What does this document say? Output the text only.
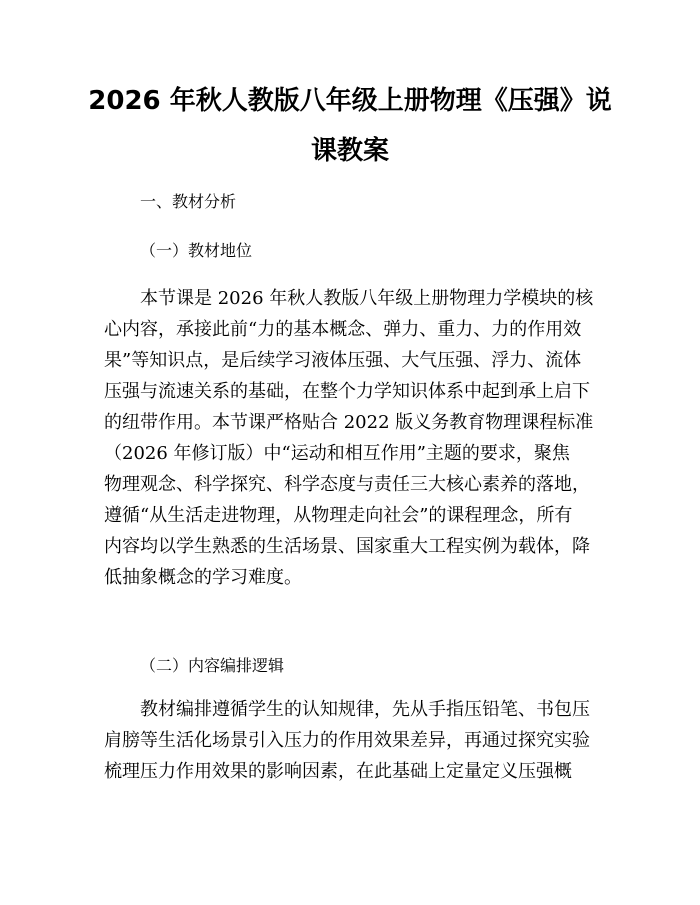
2026 年秋人教版八年级上册物理《压强》说
课教案
一、教材分析
（一）教材地位
本节课是 2026 年秋人教版八年级上册物理力学模块的核
心内容，承接此前“力的基本概念、弹力、重力、力的作用效
果”等知识点，是后续学习液体压强、大气压强、浮力、流体
压强与流速关系的基础，在整个力学知识体系中起到承上启下
的纽带作用。本节课严格贴合 2022 版义务教育物理课程标准
（2026 年修订版）中“运动和相互作用”主题的要求，聚焦
物理观念、科学探究、科学态度与责任三大核心素养的落地，
遵循“从生活走进物理，从物理走向社会”的课程理念，所有
内容均以学生熟悉的生活场景、国家重大工程实例为载体，降
低抽象概念的学习难度。
（二）内容编排逻辑
教材编排遵循学生的认知规律，先从手指压铅笔、书包压
肩膀等生活化场景引入压力的作用效果差异，再通过探究实验
梳理压力作用效果的影响因素，在此基础上定量定义压强概
